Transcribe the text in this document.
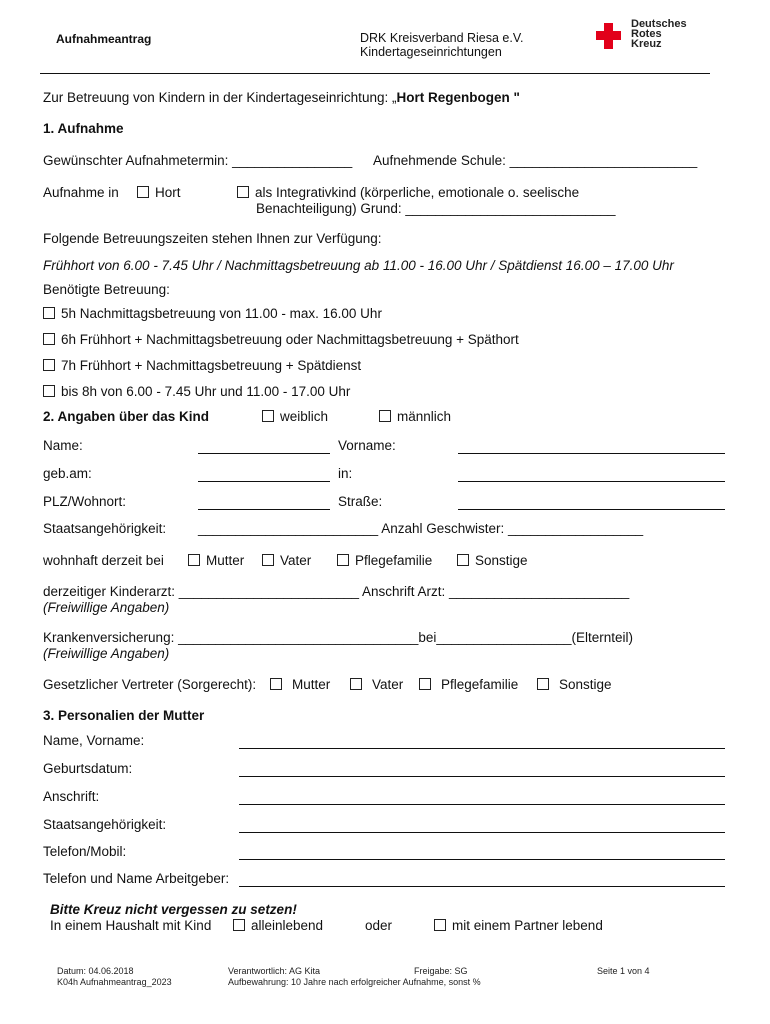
Aufnahmeantrag	DRK Kreisverband Riesa e.V.
Kindertageseinrichtungen
Deutsches
Rotes
Kreuz
Zur Betreuung von Kindern in der Kindertageseinrichtung: „Hort Regenbogen "
1. Aufnahme
Gewünschter Aufnahmetermin: ________________ Aufnehmende Schule: _________________________
Aufnahme in	Hort	als Integrativkind (körperliche, emotionale o. seelische
Benachteiligung) Grund: ____________________________
Folgende Betreuungszeiten stehen Ihnen zur Verfügung:
Frühhort von 6.00 - 7.45 Uhr / Nachmittagsbetreuung ab 11.00 - 16.00 Uhr / Spätdienst 16.00 – 17.00 Uhr
Benötigte Betreuung:
5h Nachmittagsbetreuung von 11.00 - max. 16.00 Uhr
6h Frühhort + Nachmittagsbetreuung oder Nachmittagsbetreuung + Späthort
7h Frühhort + Nachmittagsbetreuung + Spätdienst
bis 8h von 6.00 - 7.45 Uhr und 11.00 - 17.00 Uhr
2. Angaben über das Kind	weiblich	männlich
Name:	Vorname:
geb.am:	in:
PLZ/Wohnort:	Straße:
Staatsangehörigkeit: ________________________ Anzahl Geschwister: __________________
wohnhaft derzeit bei	Mutter	Vater	Pflegefamilie	Sonstige
derzeitiger Kinderarzt: ________________________ Anschrift Arzt: ________________________
(Freiwillige Angaben)
Krankenversicherung: ________________________________bei__________________(Elternteil)
(Freiwillige Angaben)
Gesetzlicher Vertreter (Sorgerecht):	Mutter	Vater	Pflegefamilie	Sonstige
3. Personalien der Mutter
Name, Vorname:
Geburtsdatum:
Anschrift:
Staatsangehörigkeit:
Telefon/Mobil:
Telefon und Name Arbeitgeber:
Bitte Kreuz nicht vergessen zu setzen!
In einem Haushalt mit Kind	alleinlebend	oder	mit einem Partner lebend
Datum: 04.06.2018
K04h Aufnahmeantrag_2023
Verantwortlich: AG Kita
Aufbewahrung: 10 Jahre nach erfolgreicher Aufnahme, sonst %
Freigabe: SG	Seite 1 von 4
